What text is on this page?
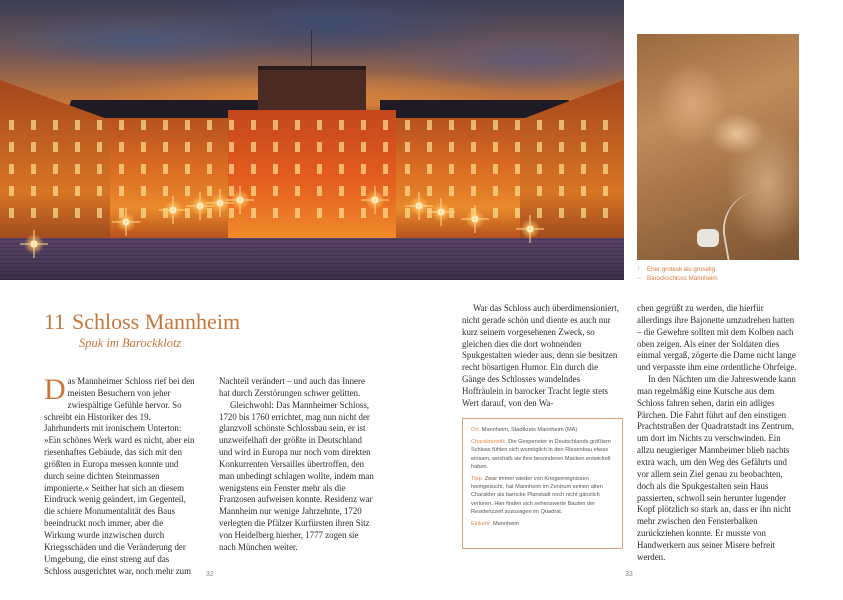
↑	Eher grotesk als gruselig
← Barockschloss Mannheim
11 Schloss Mannheim
Spuk im Barockklotz

Das Mannheimer Schloss rief bei den meisten Besuchern von jeher zwiespältige Gefühle hervor. So schreibt ein Historiker des 19. Jahrhunderts mit ironischem Unterton: »Ein schönes Werk ward es nicht, aber ein riesenhaftes Gebäude, das sich mit den größten in Europa messen konnte und durch seine dichten Steinmassen imponierte.« Seither hat sich an diesem Eindruck wenig geändert, im Gegenteil, die schiere Monumentalität des Baus beeindruckt noch immer, aber die Wirkung wurde inzwischen durch Kriegsschäden und die Veränderung der Umgebung, die einst streng auf das Schloss ausgerichtet war, noch mehr zum

Nachteil verändert – und auch das Innere hat durch Zerstörungen schwer gelitten.

Gleichwohl: Das Mannheimer Schloss, 1720 bis 1760 errichtet, mag nun nicht der glanzvoll schönste Schlossbau sein, er ist unzweifelhaft der größte in Deutschland und wird in Europa nur noch vom direkten Konkurrenten Versailles übertroffen, den man unbedingt schlagen wollte, indem man wenigstens ein Fenster mehr als die Franzosen aufweisen konnte. Residenz war Mannheim nur wenige Jahrzehnte, 1720 verlegten die Pfälzer Kurfürsten ihren Sitz von Heidelberg hierher, 1777 zogen sie nach München weiter.

War das Schloss auch überdimensioniert, nicht gerade schön und diente es auch nur kurz seinem vorgesehenen Zweck, so gleichen dies die dort wohnenden Spukgestalten wieder aus, denn sie besitzen recht bösartigen Humor. Ein durch die Gänge des Schlosses wandelndes Hoffräulein in barocker Tracht legte stets Wert darauf, von den Wa-

Ort Mannheim, Stadtkreis Mannheim (MA)
Charakteristik Die Gespenster in Deutschlands größtem Schloss fühlen sich womöglich in den Riesenbau etwas einsam, weshalb sie ihre besonderen Macken entwickelt haben.
Tipp Zwar immer wieder von Kriegsereignissen heimgesucht, hat Mannheim im Zentrum seinen alten Charakter als barocke Planstadt noch nicht gänzlich verloren. Hier finden sich sehenswerte Bauten der Residenzzeit sozusagen im Quadrat.
Einkehr Mannheim

chen gegrüßt zu werden, die hierfür allerdings ihre Bajonette umzudrehen hatten – die Gewehre sollten mit dem Kolben nach oben zeigen. Als einer der Soldaten dies einmal vergaß, zögerte die Dame nicht lange und verpasste ihm eine ordentliche Ohrfeige.

In den Nächten um die Jahreswende kann man regelmäßig eine Kutsche aus dem Schloss fahren sehen, darin ein adliges Pärchen. Die Fahrt führt auf den einstigen Prachtstraßen der Quadratstadt ins Zentrum, um dort im Nichts zu verschwinden. Ein allzu neugieriger Mannheimer blieb nachts extra wach, um den Weg des Gefährts und vor allem sein Ziel genau zu beobachten, doch als die Spukgestalten sein Haus passierten, schwoll sein herunter lugender Kopf plötzlich so stark an, dass er ihn nicht mehr zwischen den Fensterbalken zurückziehen konnte. Er musste von Handwerkern aus seiner Misere befreit werden.

32	33
